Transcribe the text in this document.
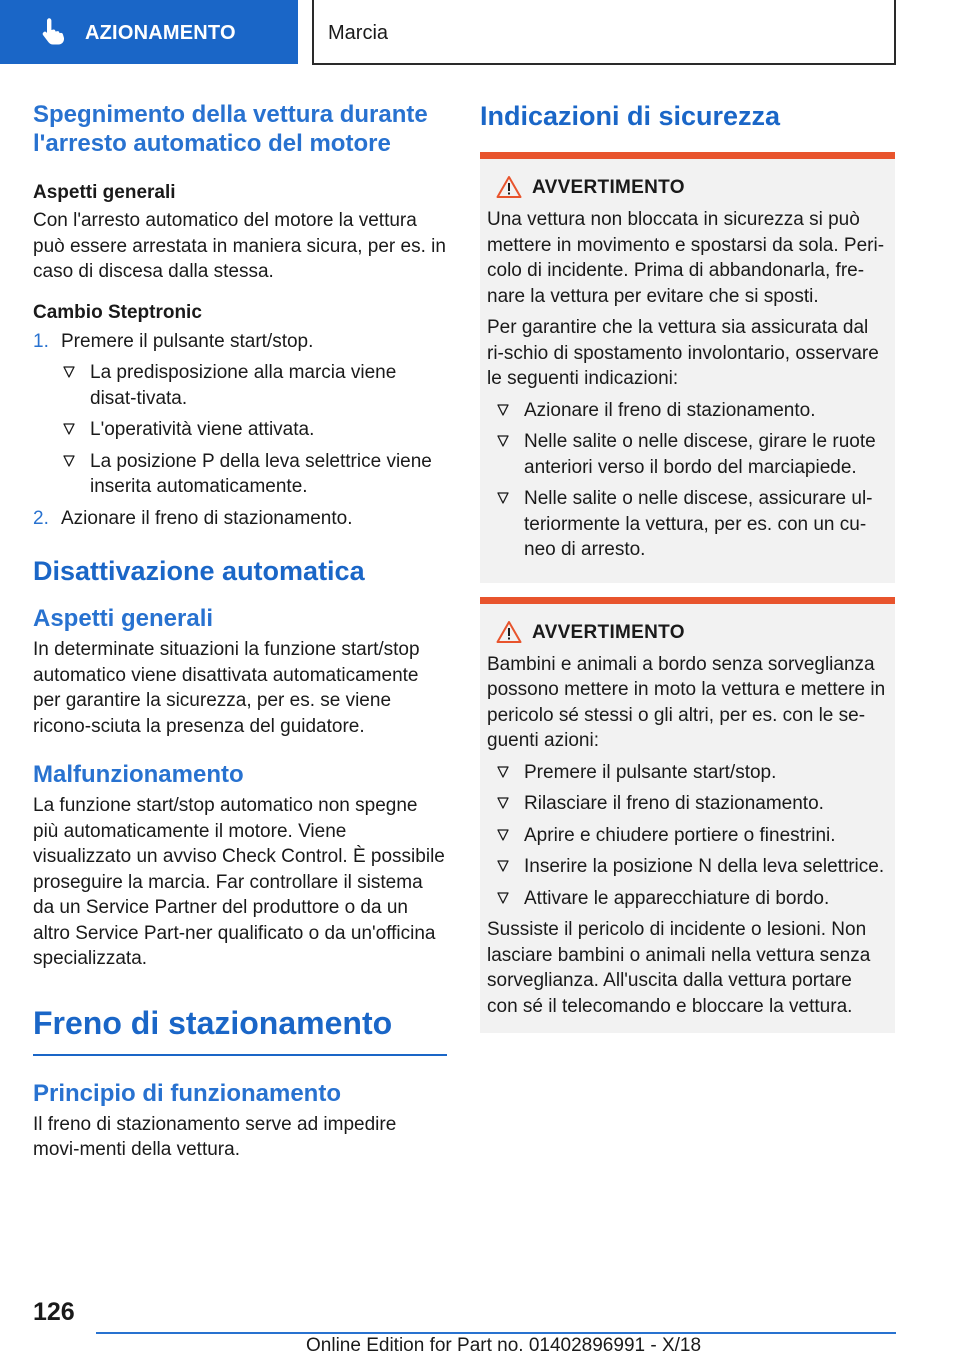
AZIONAMENTO	Marcia
Spegnimento della vettura durante l'arresto automatico del motore
Aspetti generali

Con l'arresto automatico del motore la vettura può essere arrestata in maniera sicura, per es. in caso di discesa dalla stessa.

Cambio Steptronic
1. Premere il pulsante start/stop.
La predisposizione alla marcia viene disat‐tivata.
L'operatività viene attivata.
La posizione P della leva selettrice viene inserita automaticamente.
2. Azionare il freno di stazionamento.
Disattivazione automatica
Aspetti generali

In determinate situazioni la funzione start/stop automatico viene disattivata automaticamente per garantire la sicurezza, per es. se viene ricono‐sciuta la presenza del guidatore.

Malfunzionamento

La funzione start/stop automatico non spegne più automaticamente il motore. Viene visualizzato un avviso Check Control. È possibile proseguire la marcia. Far controllare il sistema da un Service Partner del produttore o da un altro Service Part‐ner qualificato o da un'officina specializzata.

Freno di stazionamento
Principio di funzionamento

Il freno di stazionamento serve ad impedire movi‐menti della vettura.

Indicazioni di sicurezza
AVVERTIMENTO

Una vettura non bloccata in sicurezza si può mettere in movimento e spostarsi da sola. Peri‐colo di incidente. Prima di abbandonarla, fre‐nare la vettura per evitare che si sposti.

Per garantire che la vettura sia assicurata dal ri‐schio di spostamento involontario, osservare le seguenti indicazioni:

Azionare il freno di stazionamento.
Nelle salite o nelle discese, girare le ruote anteriori verso il bordo del marciapiede.
Nelle salite o nelle discese, assicurare ul‐teriormente la vettura, per es. con un cu‐neo di arresto.
AVVERTIMENTO

Bambini e animali a bordo senza sorveglianza possono mettere in moto la vettura e mettere in pericolo sé stessi o gli altri, per es. con le se‐guenti azioni:

Premere il pulsante start/stop.
Rilasciare il freno di stazionamento.
Aprire e chiudere portiere o finestrini.
Inserire la posizione N della leva selettrice.
Attivare le apparecchiature di bordo.

Sussiste il pericolo di incidente o lesioni. Non lasciare bambini o animali nella vettura senza sorveglianza. All'uscita dalla vettura portare con sé il telecomando e bloccare la vettura.

126
Online Edition for Part no. 01402896991 - X/18
